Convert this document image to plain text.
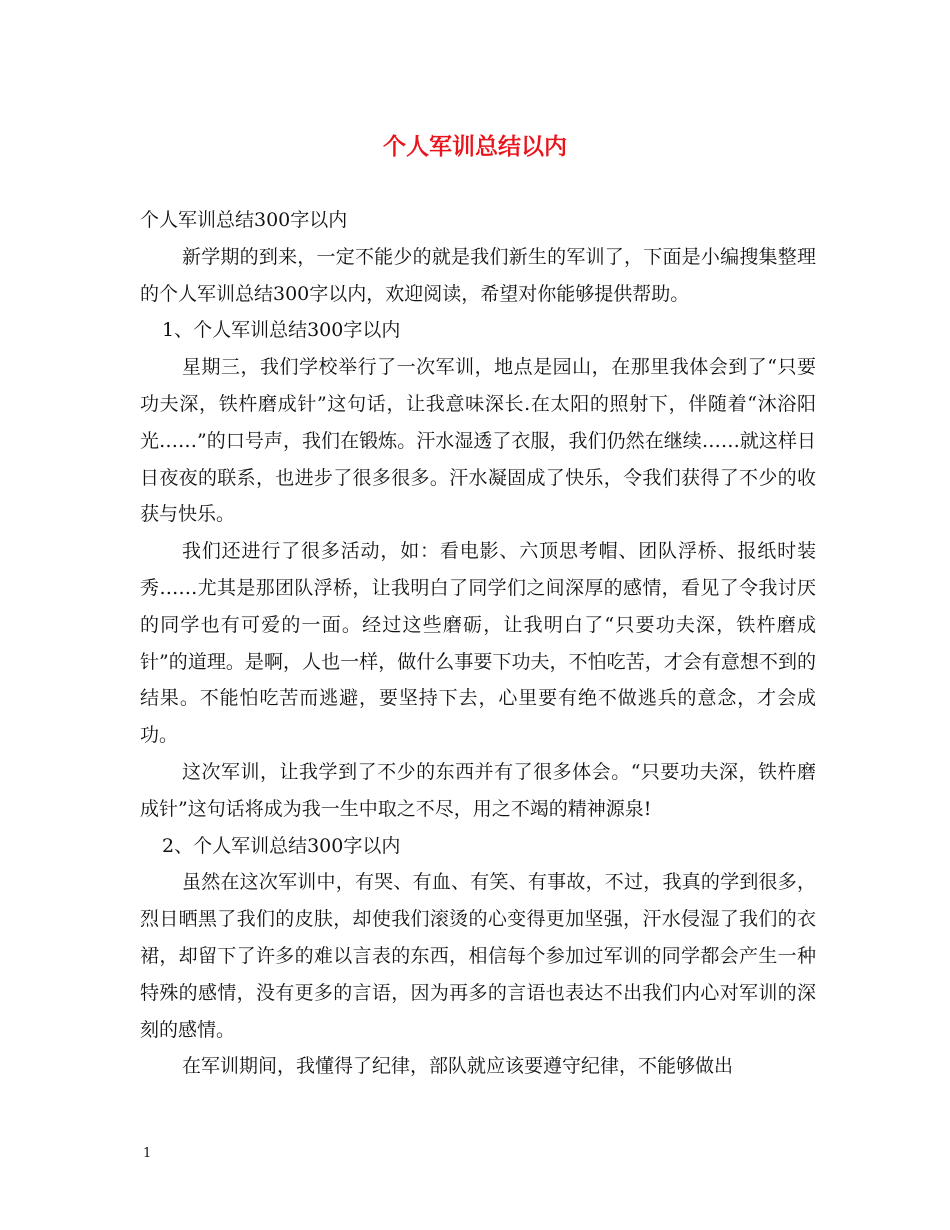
个人军训总结以内

个人军训总结300字以内

新学期的到来，一定不能少的就是我们新生的军训了，下面是小编搜集整理的个人军训总结300字以内，欢迎阅读，希望对你能够提供帮助。

1、个人军训总结300字以内

星期三，我们学校举行了一次军训，地点是园山，在那里我体会到了“只要功夫深，铁杵磨成针”这句话，让我意味深长.在太阳的照射下，伴随着“沐浴阳光……”的口号声，我们在锻炼。汗水湿透了衣服，我们仍然在继续……就这样日日夜夜的联系，也进步了很多很多。汗水凝固成了快乐，令我们获得了不少的收获与快乐。

我们还进行了很多活动，如：看电影、六顶思考帽、团队浮桥、报纸时装秀……尤其是那团队浮桥，让我明白了同学们之间深厚的感情，看见了令我讨厌的同学也有可爱的一面。经过这些磨砺，让我明白了“只要功夫深，铁杵磨成针”的道理。是啊，人也一样，做什么事要下功夫，不怕吃苦，才会有意想不到的结果。不能怕吃苦而逃避，要坚持下去，心里要有绝不做逃兵的意念，才会成功。

这次军训，让我学到了不少的东西并有了很多体会。“只要功夫深，铁杵磨成针”这句话将成为我一生中取之不尽，用之不竭的精神源泉!

2、个人军训总结300字以内

虽然在这次军训中，有哭、有血、有笑、有事故，不过，我真的学到很多，烈日晒黑了我们的皮肤，却使我们滚烫的心变得更加坚强，汗水侵湿了我们的衣裙，却留下了许多的难以言表的东西，相信每个参加过军训的同学都会产生一种特殊的感情，没有更多的言语，因为再多的言语也表达不出我们内心对军训的深刻的感情。

在军训期间，我懂得了纪律，部队就应该要遵守纪律，不能够做出

1
